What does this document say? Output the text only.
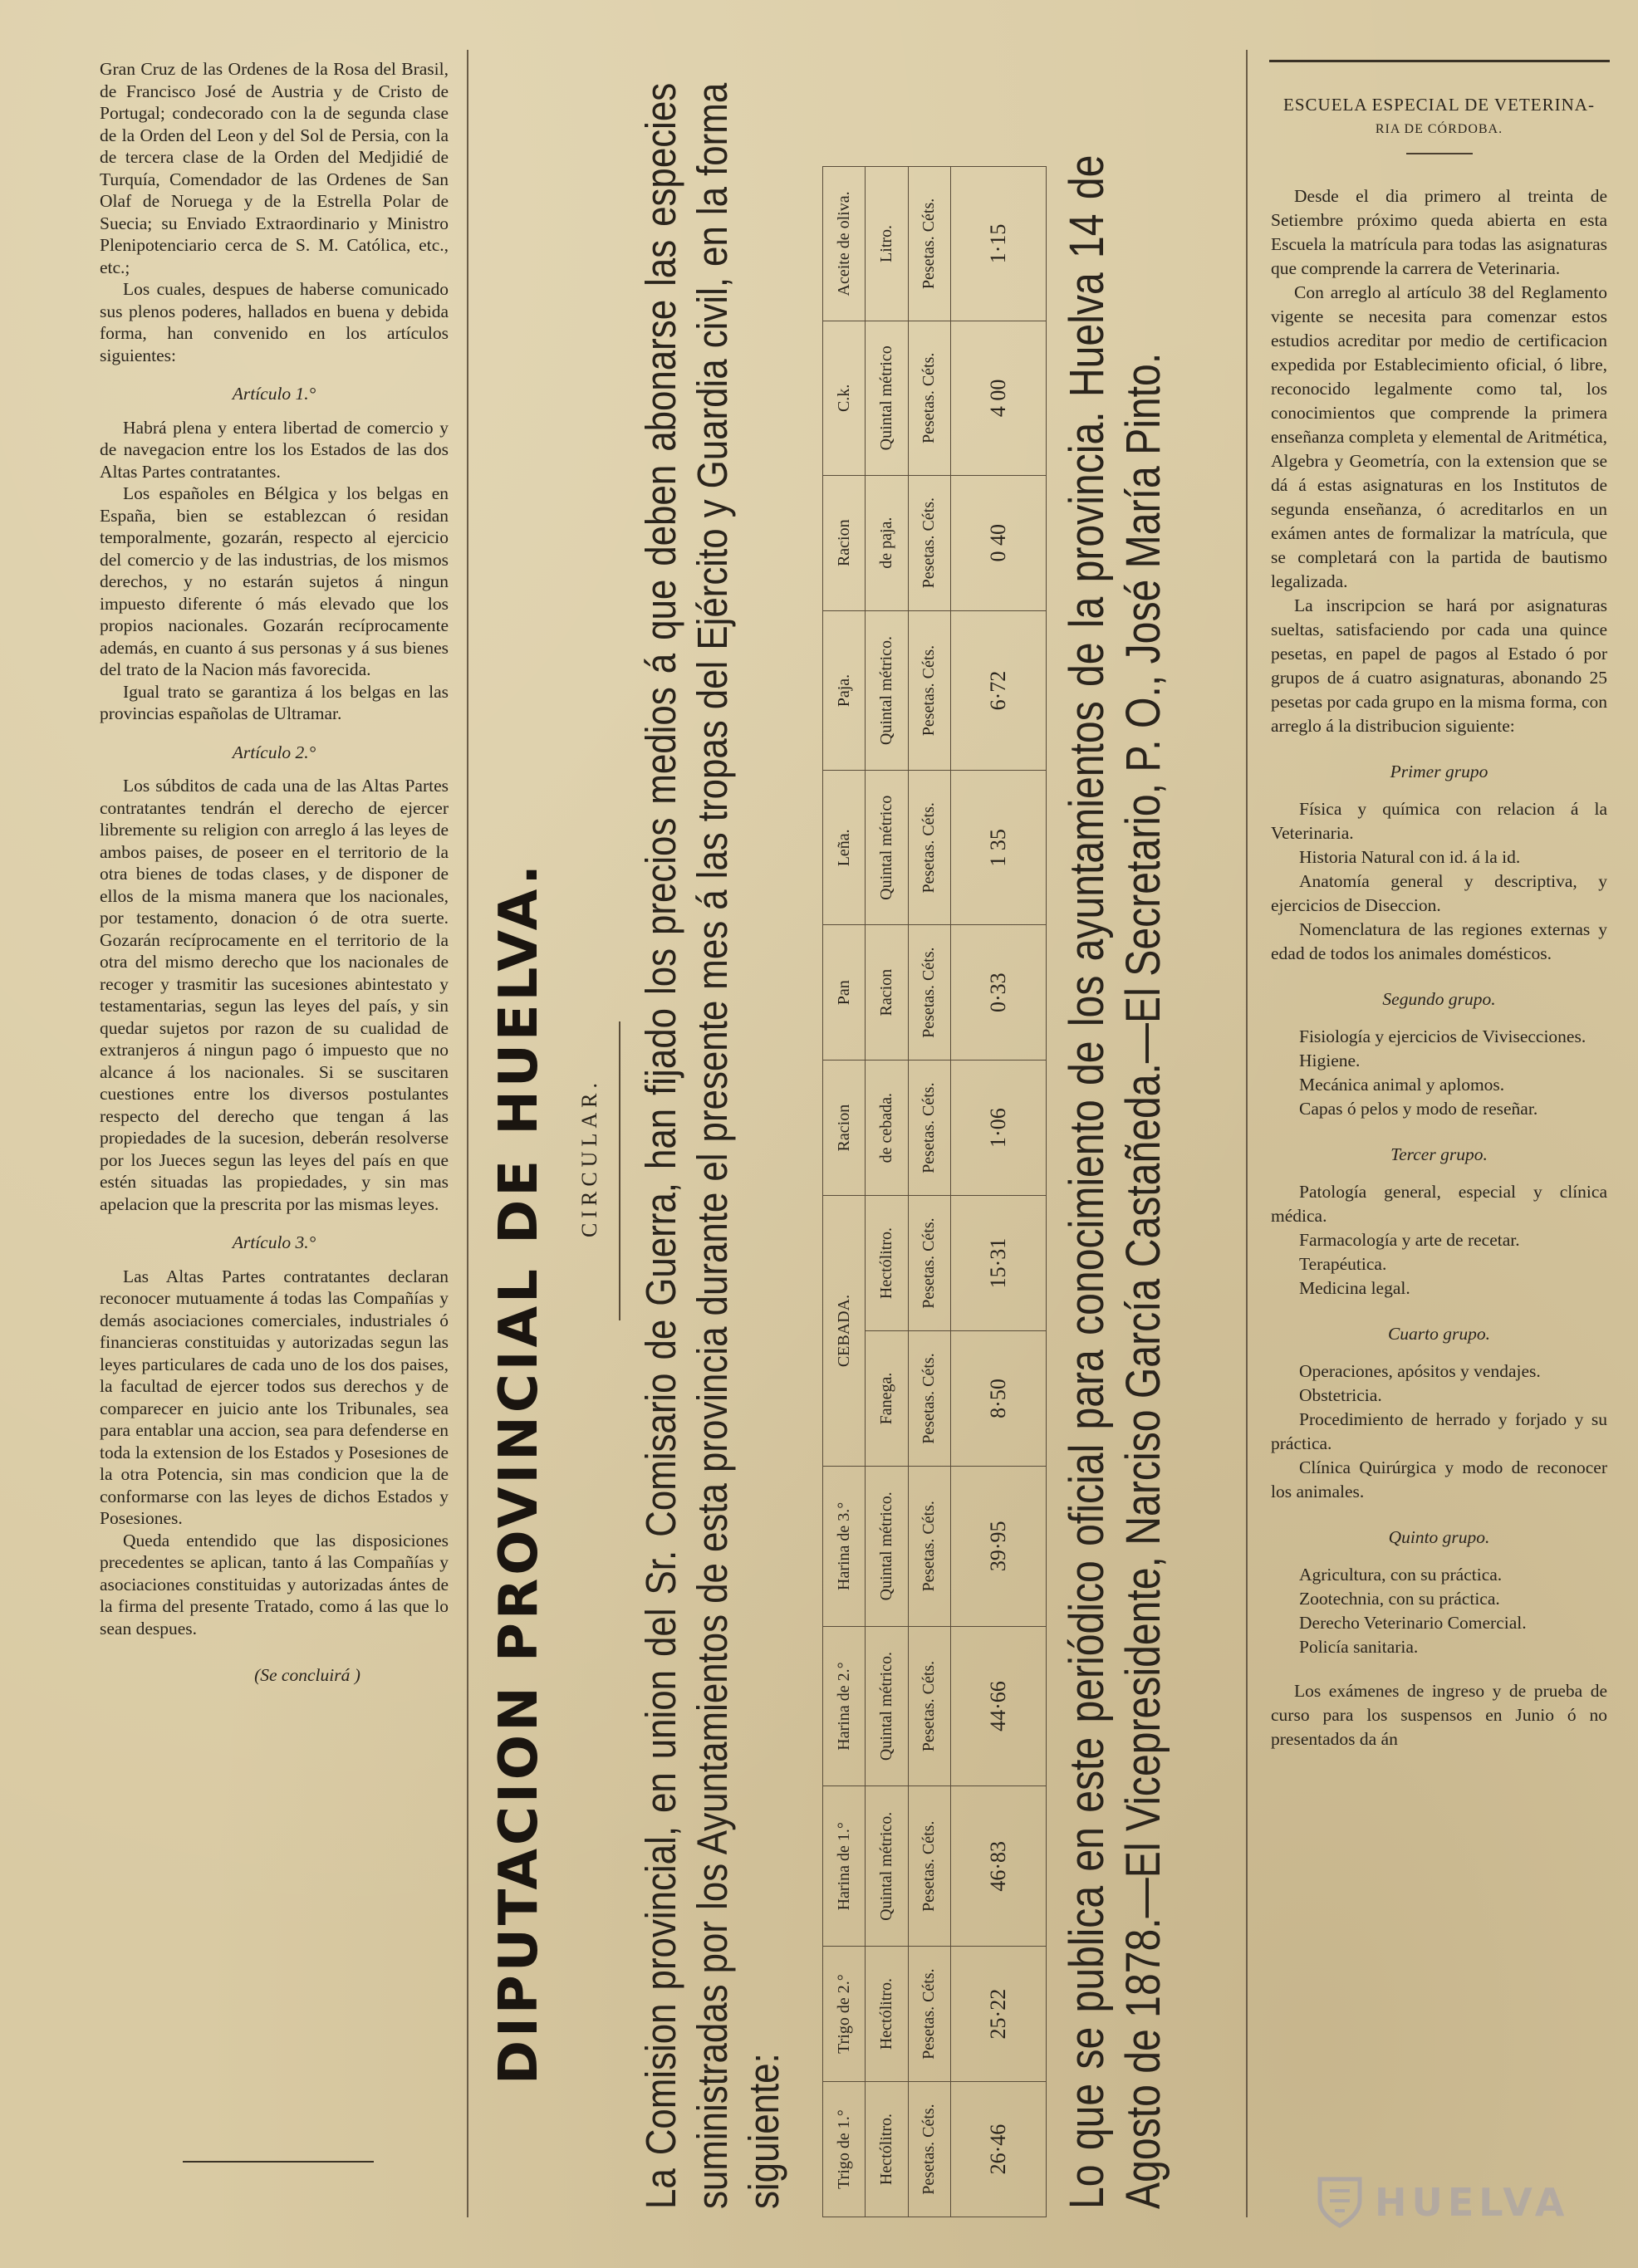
Gran Cruz de las Ordenes de la Rosa del Brasil, de Francisco José de Austria y de Cristo de Portugal; condecorado con la de segunda clase de la Orden del Leon y del Sol de Persia, con la de tercera clase de la Orden del Medjidié de Turquía, Comendador de las Ordenes de San Olaf de Noruega y de la Estrella Polar de Suecia; su Enviado Extraordinario y Ministro Plenipotenciario cerca de S. M. Católica, etc., etc.;

Los cuales, despues de haberse comunicado sus plenos poderes, hallados en buena y debida forma, han convenido en los artículos siguientes:

Artículo 1.°

Habrá plena y entera libertad de comercio y de navegacion entre los los Estados de las dos Altas Partes contratantes.

Los españoles en Bélgica y los belgas en España, bien se establezcan ó residan temporalmente, gozarán, respecto al ejercicio del comercio y de las industrias, de los mismos derechos, y no estarán sujetos á ningun impuesto diferente ó más elevado que los propios nacionales. Gozarán recíprocamente además, en cuanto á sus personas y á sus bienes del trato de la Nacion más favorecida.

Igual trato se garantiza á los belgas en las provincias españolas de Ultramar.

Artículo 2.°

Los súbditos de cada una de las Altas Partes contratantes tendrán el derecho de ejercer libremente su religion con arreglo á las leyes de ambos paises, de poseer en el territorio de la otra bienes de todas clases, y de disponer de ellos de la misma manera que los nacionales, por testamento, donacion ó de otra suerte. Gozarán recíprocamente en el territorio de la otra del mismo derecho que los nacionales de recoger y trasmitir las sucesiones abintestato y testamentarias, segun las leyes del país, y sin quedar sujetos por razon de su cualidad de extranjeros á ningun pago ó impuesto que no alcance á los nacionales. Si se suscitaren cuestiones entre los diversos postulantes respecto del derecho que tengan á las propiedades de la sucesion, deberán resolverse por los Jueces segun las leyes del país en que estén situadas las propiedades, y sin mas apelacion que la prescrita por las mismas leyes.

Artículo 3.°

Las Altas Partes contratantes declaran reconocer mutuamente á todas las Compañías y demás asociaciones comerciales, industriales ó financieras constituidas y autorizadas segun las leyes particulares de cada uno de los dos paises, la facultad de ejercer todos sus derechos y de comparecer en juicio ante los Tribunales, sea para entablar una accion, sea para defenderse en toda la extension de los Estados y Posesiones de la otra Potencia, sin mas condicion que la de conformarse con las leyes de dichos Estados y Posesiones.

Queda entendido que las disposiciones precedentes se aplican, tanto á las Compañías y asociaciones constituidas y autorizadas ántes de la firma del presente Tratado, como á las que lo sean despues.

(Se concluirá )	DIPUTACION PROVINCIAL DE HUELVA. CIRCULAR. La Comision provincial, en union del Sr. Comisario de Guerra, han fijado los precios medios á que deben abonarse las especies suministradas por los Ayuntamientos de esta provincia durante el presente mes á las tropas del Ejército y Guardia civil, en la forma siguiente:	Trigo de 1.°	Trigo de 2.°	Harina de 1.°	Harina de 2.°	Harina de 3.°	CEBADA.		Racion	Pan	Leña.	Paja.	Racion	C.k.	Aceite de oliva.
Hectólitro.	Hectólitro.	Quintal métrico.	Quintal métrico.	Quintal métrico.	Fanega.	Hectólitro.	de cebada.	Racion	Quintal métrico	Quintal métrico.	de paja.	Quintal métrico	Litro.
Pesetas. Céts.	Pesetas. Céts.	Pesetas. Céts.	Pesetas. Céts.	Pesetas. Céts.	Pesetas. Céts.	Pesetas. Céts.	Pesetas. Céts.	Pesetas. Céts.	Pesetas. Céts.	Pesetas. Céts.	Pesetas. Céts.	Pesetas. Céts.	Pesetas. Céts.
26·46	25·22	46·83	44·66	39·95	8·50	15·31	1·06	0·33	1 35	6·72	0 40	4 00	1·15 Lo que se publica en este periódico oficial para conocimiento de los ayuntamientos de la provincia. Huelva 14 de Agosto de 1878.—El Vicepresidente, Narciso García Castañeda.—El Secretario, P. O., José María Pinto.
ESCUELA ESPECIAL DE VETERINA-
RIA DE CÓRDOBA.

Desde el dia primero al treinta de Setiembre próximo queda abierta en esta Escuela la matrícula para todas las asignaturas que comprende la carrera de Veterinaria.

Con arreglo al artículo 38 del Reglamento vigente se necesita para comenzar estos estudios acreditar por medio de certificacion expedida por Establecimiento oficial, ó libre, reconocido legalmente como tal, los conocimientos que comprende la primera enseñanza completa y elemental de Aritmética, Algebra y Geometría, con la extension que se dá á estas asignaturas en los Institutos de segunda enseñanza, ó acreditarlos en un exámen antes de formalizar la matrícula, que se completará con la partida de bautismo legalizada.

La inscripcion se hará por asignaturas sueltas, satisfaciendo por cada una quince pesetas, en papel de pagos al Estado ó por grupos de á cuatro asignaturas, abonando 25 pesetas por cada grupo en la misma forma, con arreglo á la distribucion siguiente:

Primer grupo
Física y química con relacion á la Veterinaria.
Historia Natural con id. á la id.
Anatomía general y descriptiva, y ejercicios de Diseccion.
Nomenclatura de las regiones externas y edad de todos los animales domésticos.
Segundo grupo.
Fisiología y ejercicios de Vivisecciones.
Higiene.
Mecánica animal y aplomos.
Capas ó pelos y modo de reseñar.
Tercer grupo.
Patología general, especial y clínica médica.
Farmacología y arte de recetar.
Terapéutica.
Medicina legal.
Cuarto grupo.
Operaciones, apósitos y vendajes.
Obstetricia.
Procedimiento de herrado y forjado y su práctica.
Clínica Quirúrgica y modo de reconocer los animales.
Quinto grupo.
Agricultura, con su práctica.
Zootechnia, con su práctica.
Derecho Veterinario Comercial.
Policía sanitaria.

Los exámenes de ingreso y de prueba de curso para los suspensos en Junio ó no presentados da án

HUELVA
